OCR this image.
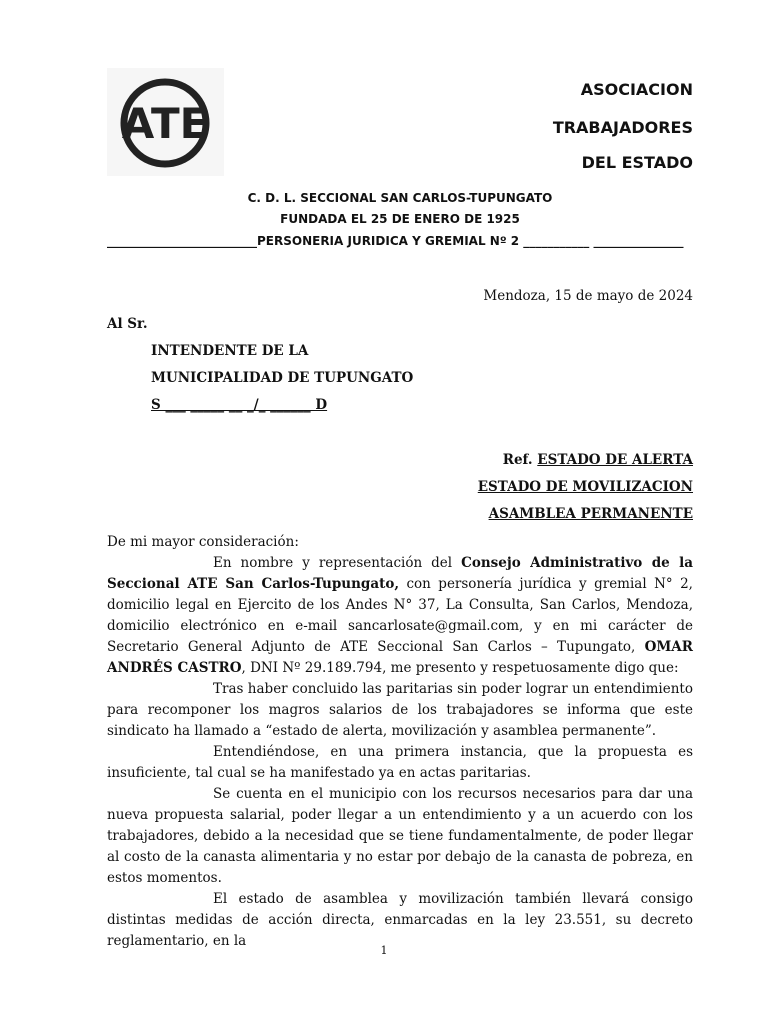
ATE
ASOCIACION
TRABAJADORES
DEL ESTADO
C. D. L. SECCIONAL SAN CARLOS-TUPUNGATO
FUNDADA EL 25 DE ENERO DE 1925
_________________________PERSONERIA JURIDICA Y GREMIAL Nº 2 ___________ _______________
Mendoza, 15 de mayo de 2024
Al Sr.
INTENDENTE DE LA
MUNICIPALIDAD DE TUPUNGATO
S ___ _____ __ _/_ ______ D
Ref. ESTADO DE ALERTA
ESTADO DE MOVILIZACION
ASAMBLEA PERMANENTE

De mi mayor consideración:

En nombre y representación del Consejo Administrativo de la Seccional ATE San Carlos-Tupungato, con personería jurídica y gremial N° 2, domicilio legal en Ejercito de los Andes N° 37, La Consulta, San Carlos, Mendoza, domicilio electrónico en e-mail sancarlosate@gmail.com, y en mi carácter de Secretario General Adjunto de ATE Seccional San Carlos – Tupungato, OMAR ANDRÉS CASTRO, DNI Nº 29.189.794, me presento y respetuosamente digo que:

Tras haber concluido las paritarias sin poder lograr un entendimiento para recomponer los magros salarios de los trabajadores se informa que este sindicato ha llamado a “estado de alerta, movilización y asamblea permanente”.

Entendiéndose, en una primera instancia, que la propuesta es insuficiente, tal cual se ha manifestado ya en actas paritarias.

Se cuenta en el municipio con los recursos necesarios para dar una nueva propuesta salarial, poder llegar a un entendimiento y a un acuerdo con los trabajadores, debido a la necesidad que se tiene fundamentalmente, de poder llegar al costo de la canasta alimentaria y no estar por debajo de la canasta de pobreza, en estos momentos.

El estado de asamblea y movilización también llevará consigo distintas medidas de acción directa, enmarcadas en la ley 23.551, su decreto reglamentario, en la

1
